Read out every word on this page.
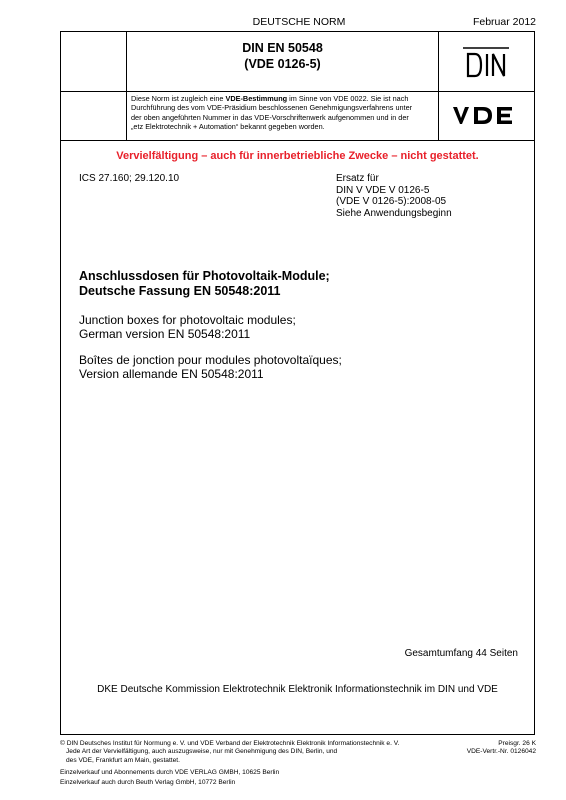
DEUTSCHE NORM	Februar 2012
DIN EN 50548
(VDE 0126-5)
Diese Norm ist zugleich eine VDE-Bestimmung im Sinne von VDE 0022. Sie ist nach
Durchführung des vom VDE-Präsidium beschlossenen Genehmigungsverfahrens unter
der oben angeführten Nummer in das VDE-Vorschriftenwerk aufgenommen und in der
„etz Elektrotechnik + Automation“ bekannt gegeben worden.
Vervielfältigung – auch für innerbetriebliche Zwecke – nicht gestattet.
ICS 27.160; 29.120.10	Ersatz für
DIN V VDE V 0126-5
(VDE V 0126-5):2008-05
Siehe Anwendungsbeginn
Anschlussdosen für Photovoltaik-Module;
Deutsche Fassung EN 50548:2011
Junction boxes for photovoltaic modules;
German version EN 50548:2011
Boîtes de jonction pour modules photovoltaïques;
Version allemande EN 50548:2011
Gesamtumfang 44 Seiten
DKE Deutsche Kommission Elektrotechnik Elektronik Informationstechnik im DIN und VDE
© DIN Deutsches Institut für Normung e. V. und VDE Verband der Elektrotechnik Elektronik Informationstechnik e. V.
Jede Art der Vervielfältigung, auch auszugsweise, nur mit Genehmigung des DIN, Berlin, und
des VDE, Frankfurt am Main, gestattet.
Preisgr. 26 K
VDE-Vertr.-Nr. 0126042
Einzelverkauf und Abonnements durch VDE VERLAG GMBH, 10625 Berlin
Einzelverkauf auch durch Beuth Verlag GmbH, 10772 Berlin
